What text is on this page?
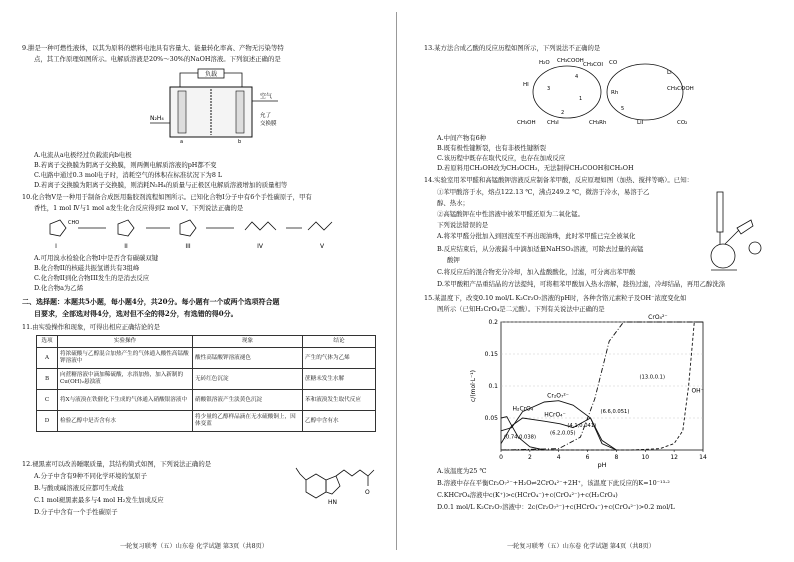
9.肼是一种可燃性液体，以其为原料的燃料电池具有容量大、能量转化率高、产物无污染等特
点，其工作原理如图所示。电解质溶液是20%～30%的NaOH溶液。下列叙述正确的是
负载
a	b
N₂H₄
空气
允了
交换膜
A.电流从a电极经过负载流向b电极
B.若离子交换膜为阴离子交换膜，则两侧电解质溶液的pH都不变
C.电路中通过0.3 mol电子时，消耗空气的体积在标准状况下为8 L
D.若离子交换膜为阳离子交换膜，则消耗N₂H₄的质量与正极区电解质溶液增加的质量相等
10.化合物V是一种用于制备合成医用黏胶剂流程如图所示。已知化合物I分子中有6个手性碳原子，甲有
香性，1 mol Ⅳ与1 mol a发生化合反应得到2 mol V。下列说法正确的是
I
CHO
II	III	IV	V
A.可用溴水检验化合物I中是否含有碳碳双键
B.化合物II的核磁共振氢谱共有3组峰
C.化合物II到化合物III发生的是消去反应
D.化合物a为乙烯
二、选择题：本题共5小题，每小题4分，共20分。每小题有一个或两个选项符合题
目要求，全部选对得4分，选对但不全的得2分，有选错的得0分。
11.由实验操作和现象，可得出相应正确结论的是
选项	实验操作	现象	结论
A	将浓硫酸与乙醇混合加热产生的气体通入酸性高锰酸钾溶液中	酸性高锰酸钾溶液褪色	产生的气体为乙烯
B	向蔗糖溶液中滴加稀硫酸，水浴加热，加入新制的Cu(OH)₂悬浊液	无砖红色沉淀	蔗糖未发生水解
C	将X与液溴在铁催化下生成的气体通入硝酸银溶液中	硝酸银溶液产生淡黄色沉淀	苯和液溴发生取代反应
D	检验乙醇中是否含有水	将少量的乙醇样品滴在无水硫酸铜上，因体变蓝	乙醇中含有水
12.褪黑素可以改善睡眠质量，其结构简式如图，下列说法正确的是
A.分子中含有9种不同化学环境的氢原子
B.与酸或碱溶液反应都可生成盐
C.1 mol褪黑素最多与4 mol H₂发生加成反应
D.分子中含有一个手性碳原子
HN
O
一轮复习联考（五）山东卷 化学试题 第3页（共8页）
13.某方法合成乙酸的反应历程如图所示，下列说法不正确的是
H₂O CH₃COOH
CH₃COI
HI
CH₃OH CH₃I	CH₃Rh
CO
CO₂
Rh
LiI
CH₃COOH
Li
1
2
3
4
5
A.中间产物有6种
B.既有极性键断裂，也有非极性键断裂
C.该历程中既存在取代反应，也存在加成反应
D.若原料用CH₃OH改为CH₃OCH₃，无法制得CH₃COOH和CH₃OH
14.实验室用苯甲醛和高锰酸钾溶液反应制备苯甲酸，反应原理如图（加热、搅拌等略）。已知：
①苯甲酸溶于水，熔点122.13 ℃，沸点249.2 ℃，微溶于冷水，易溶于乙
醇、热水；
②高锰酸钾在中性溶液中被苯甲醛还原为二氧化锰。
下列说法错误的是
A.将苯甲醛分批加入到回流至不再出现油珠，此时苯甲醛已完全被氧化
B.反应结束后，从分液漏斗中滴加适量NaHSO₃溶液，可除去过量的高锰
酸钾
C.将反应后的混合物充分冷却，加入盐酸酸化，过滤，可分离出苯甲酸
D.苯甲酸粗产品重结晶的方法提纯，可将粗苯甲酸加入热水溶解，趁热过滤，冷却结晶，再用乙醇洗涤
15.某温度下，改变0.10 mol/L K₂Cr₂O₇溶液的pH时，各种含铬元素粒子及OH⁻浓度变化如
图所示（已知H₂CrO₄是二元酸）。下列有关说法中正确的是
0.05
0.1
0.15
0.2
0	2	4	6	8	10	12	14
pH
c/(mol·L⁻¹)
CrO₄²⁻
OH⁻
H₂CrO₄
Cr₂O₇²⁻
HCrO₄⁻
(0.74,0.038)
(6.2,0.05)
(6.6,0.051)
(13.0,0.1)
(4.1,0.041)
A.该温度为25 ℃
B.溶液中存在平衡Cr₂O₇²⁻+H₂O⇌2CrO₄²⁻+2H⁺，该温度下此反应的K=10⁻¹³·²
C.KHCrO₄溶液中c(K⁺)>c(HCrO₄⁻)+c(CrO₄²⁻)+c(H₂CrO₄)
D.0.1 mol/L K₂Cr₂O₇溶液中：2c(Cr₂O₇²⁻)+c(HCrO₄⁻)+c(CrO₄²⁻)>0.2 mol/L
一轮复习联考（五）山东卷 化学试题 第4页（共8页）
